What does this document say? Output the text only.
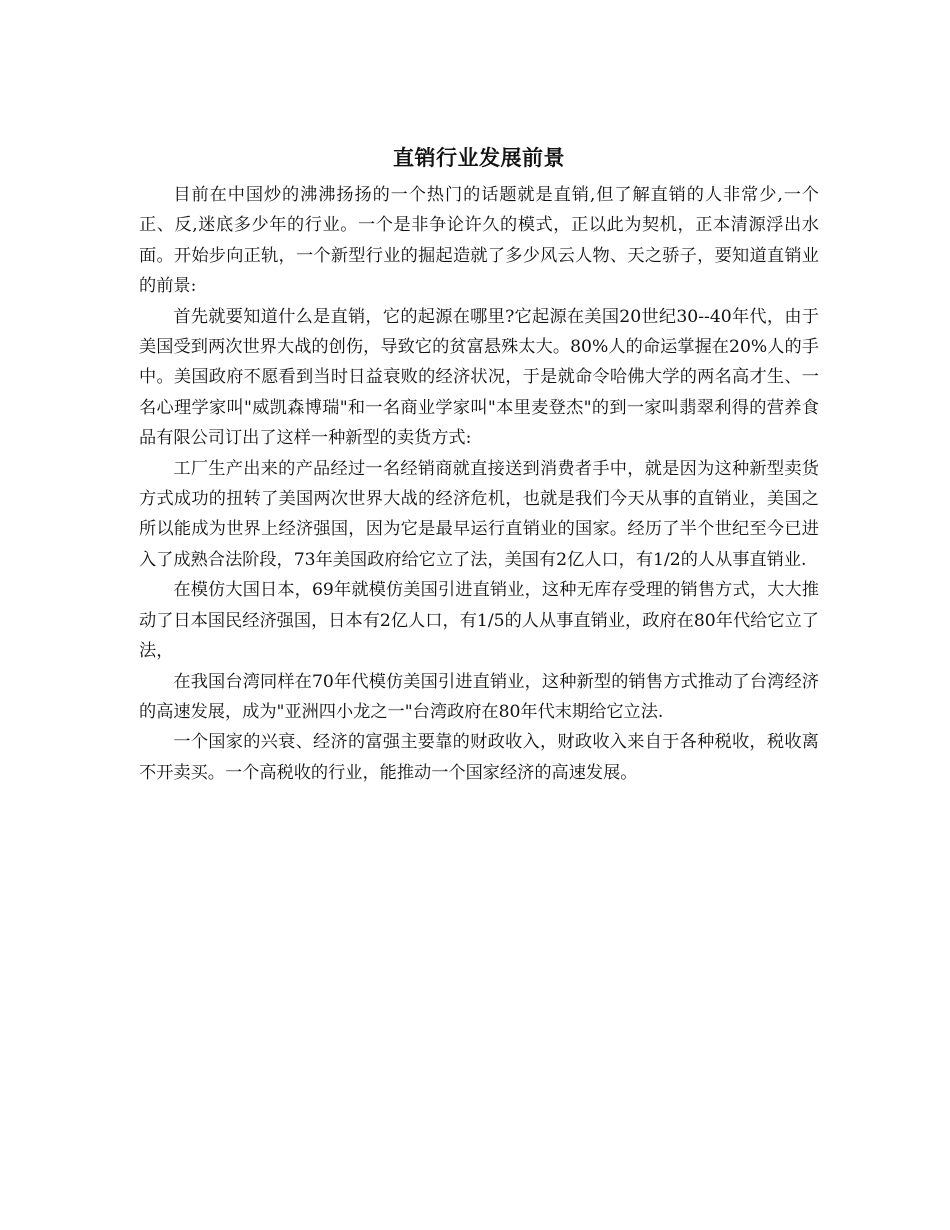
直销行业发展前景

目前在中国炒的沸沸扬扬的一个热门的话题就是直销,但了解直销的人非常少,一个正、反,迷底多少年的行业。一个是非争论许久的模式，正以此为契机，正本清源浮出水面。开始步向正轨，一个新型行业的掘起造就了多少风云人物、天之骄子，要知道直销业的前景:

首先就要知道什么是直销，它的起源在哪里?它起源在美国20世纪30--40年代，由于美国受到两次世界大战的创伤，导致它的贫富悬殊太大。80%人的命运掌握在20%人的手中。美国政府不愿看到当时日益衰败的经济状况，于是就命令哈佛大学的两名高才生、一名心理学家叫"威凯森博瑞"和一名商业学家叫"本里麦登杰"的到一家叫翡翠利得的营养食品有限公司订出了这样一种新型的卖货方式:

工厂生产出来的产品经过一名经销商就直接送到消费者手中，就是因为这种新型卖货方式成功的扭转了美国两次世界大战的经济危机，也就是我们今天从事的直销业，美国之所以能成为世界上经济强国，因为它是最早运行直销业的国家。经历了半个世纪至今已进入了成熟合法阶段，73年美国政府给它立了法，美国有2亿人口，有1/2的人从事直销业.

在模仿大国日本，69年就模仿美国引进直销业，这种无库存受理的销售方式，大大推动了日本国民经济强国，日本有2亿人口，有1/5的人从事直销业，政府在80年代给它立了法，

在我国台湾同样在70年代模仿美国引进直销业，这种新型的销售方式推动了台湾经济的高速发展，成为"亚洲四小龙之一"台湾政府在80年代末期给它立法.

一个国家的兴衰、经济的富强主要靠的财政收入，财政收入来自于各种税收，税收离不开卖买。一个高税收的行业，能推动一个国家经济的高速发展。
